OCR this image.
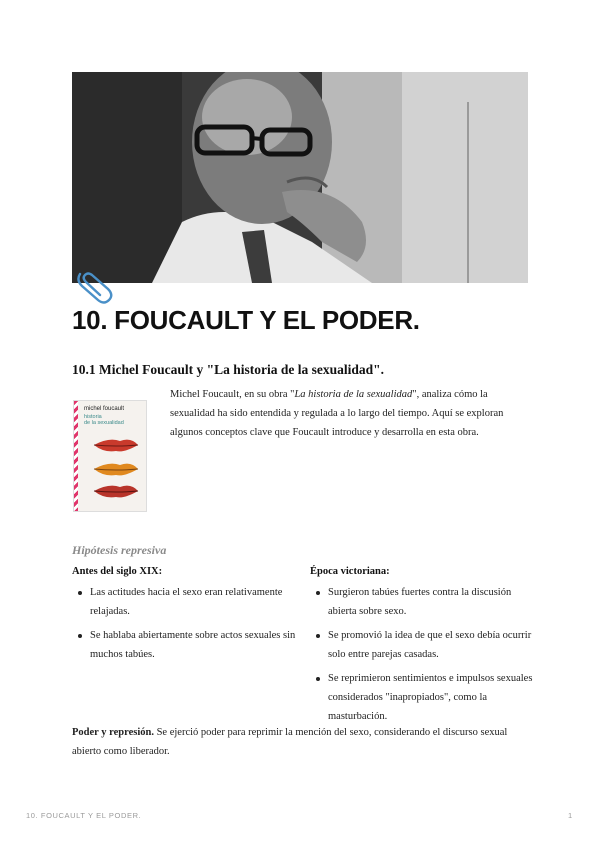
10. FOUCAULT Y EL PODER.
10.1 Michel Foucault y "La historia de la sexualidad".
michel foucault
historia
de la sexualidad

Michel Foucault, en su obra "La historia de la sexualidad", analiza cómo la sexualidad ha sido entendida y regulada a lo largo del tiempo. Aquí se exploran algunos conceptos clave que Foucault introduce y desarrolla en esta obra.

Hipótesis represiva

Antes del siglo XIX:

Las actitudes hacia el sexo eran relativamente relajadas.
Se hablaba abiertamente sobre actos sexuales sin muchos tabúes.

Época victoriana:

Surgieron tabúes fuertes contra la discusión abierta sobre sexo.
Se promovió la idea de que el sexo debía ocurrir solo entre parejas casadas.
Se reprimieron sentimientos e impulsos sexuales considerados "inapropiados", como la masturbación.

Poder y represión. Se ejerció poder para reprimir la mención del sexo, considerando el discurso sexual abierto como liberador.

10. FOUCAULT Y EL PODER.	1
